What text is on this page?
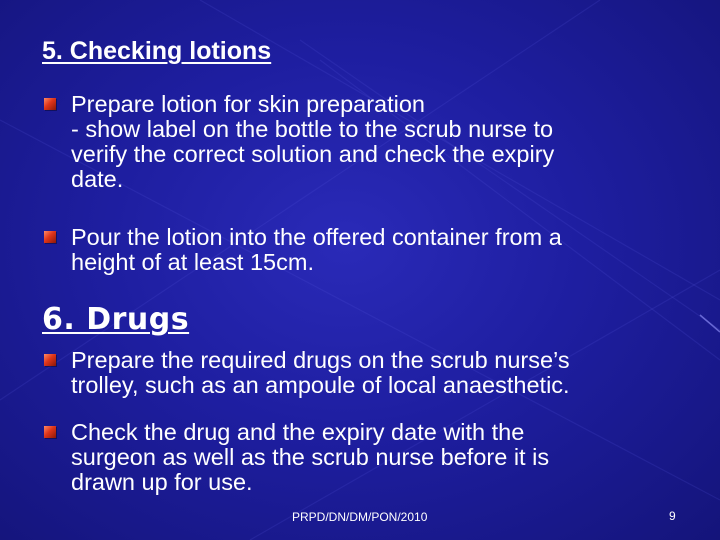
5. Checking lotions
Prepare lotion for skin preparation
- show label on the bottle to the scrub nurse to
verify the correct solution and check the expiry
date.
Pour the lotion into the offered container from a
height of at least 15cm.
6. Drugs
Prepare the required drugs on the scrub nurse’s
trolley, such as an ampoule of local anaesthetic.
Check the drug and the expiry date with the
surgeon as well as the scrub nurse before it is
drawn up for use.
PRPD/DN/DM/PON/2010	9
